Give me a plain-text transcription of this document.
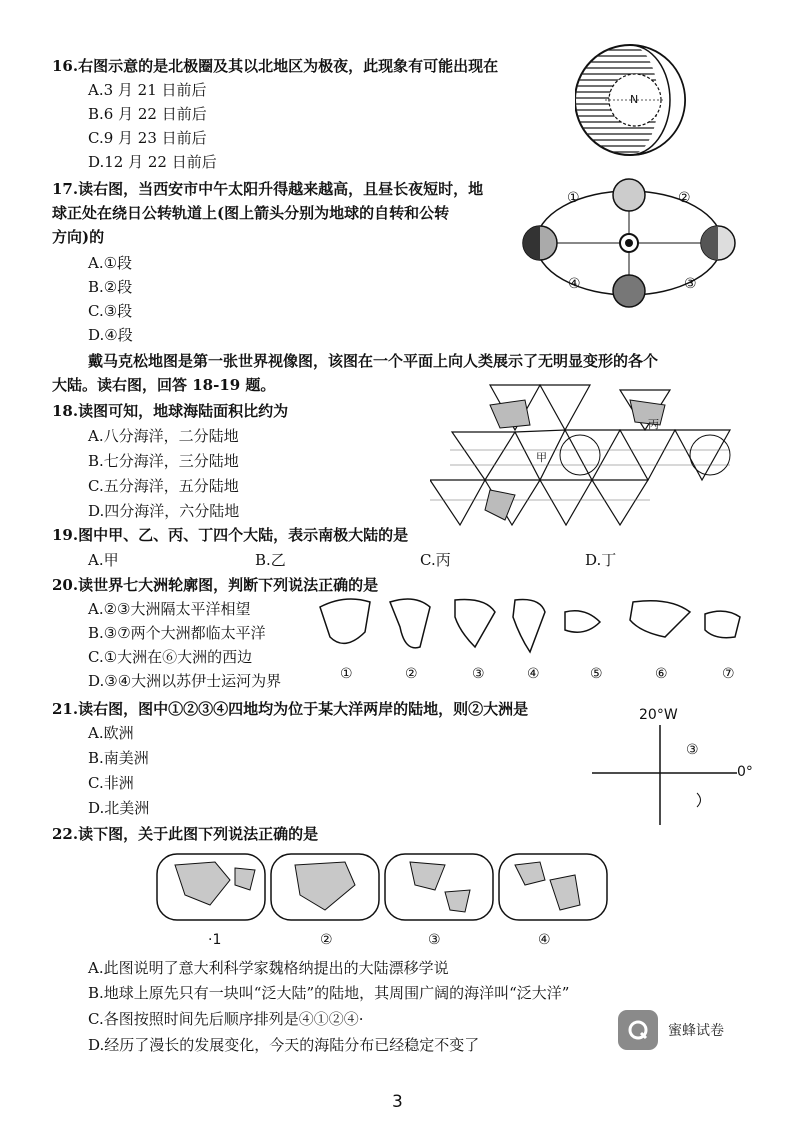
16.右图示意的是北极圈及其以北地区为极夜，此现象有可能出现在
A.3 月 21 日前后
B.6 月 22 日前后
C.9 月 23 日前后
D.12 月 22 日前后
N
17.读右图，当西安市中午太阳升得越来越高，且昼长夜短时，地
球正处在绕日公转轨道上(图上箭头分别为地球的自转和公转
方向)的
A.①段
B.②段
C.③段
D.④段
①	②
③
④
戴马克松地图是第一张世界视像图，该图在一个平面上向人类展示了无明显变形的各个
大陆。读右图，回答 18-19 题。
18.读图可知，地球海陆面积比约为
A.八分海洋，二分陆地
B.七分海洋，三分陆地
C.五分海洋，五分陆地
D.四分海洋，六分陆地
甲
丙
19.图中甲、乙、丙、丁四个大陆，表示南极大陆的是
A.甲	B.乙	C.丙	D.丁
20.读世界七大洲轮廓图，判断下列说法正确的是
A.②③大洲隔太平洋相望
B.③⑦两个大洲都临太平洋
C.①大洲在⑥大洲的西边
D.③④大洲以苏伊士运河为界	①	②	③	④	⑤	⑥	⑦
21.读右图，图中①②③④四地均为位于某大洋两岸的陆地，则②大洲是
A.欧洲
B.南美洲
C.非洲
D.北美洲
20°W
0°
③
22.读下图，关于此图下列说法正确的是
·1	②	③	④
A.此图说明了意大利科学家魏格纳提出的大陆漂移学说
B.地球上原先只有一块叫“泛大陆”的陆地，其周围广阔的海洋叫“泛大洋”
C.各图按照时间先后顺序排列是④①②④·
D.经历了漫长的发展变化，今天的海陆分布已经稳定不变了
蜜蜂试卷
3
